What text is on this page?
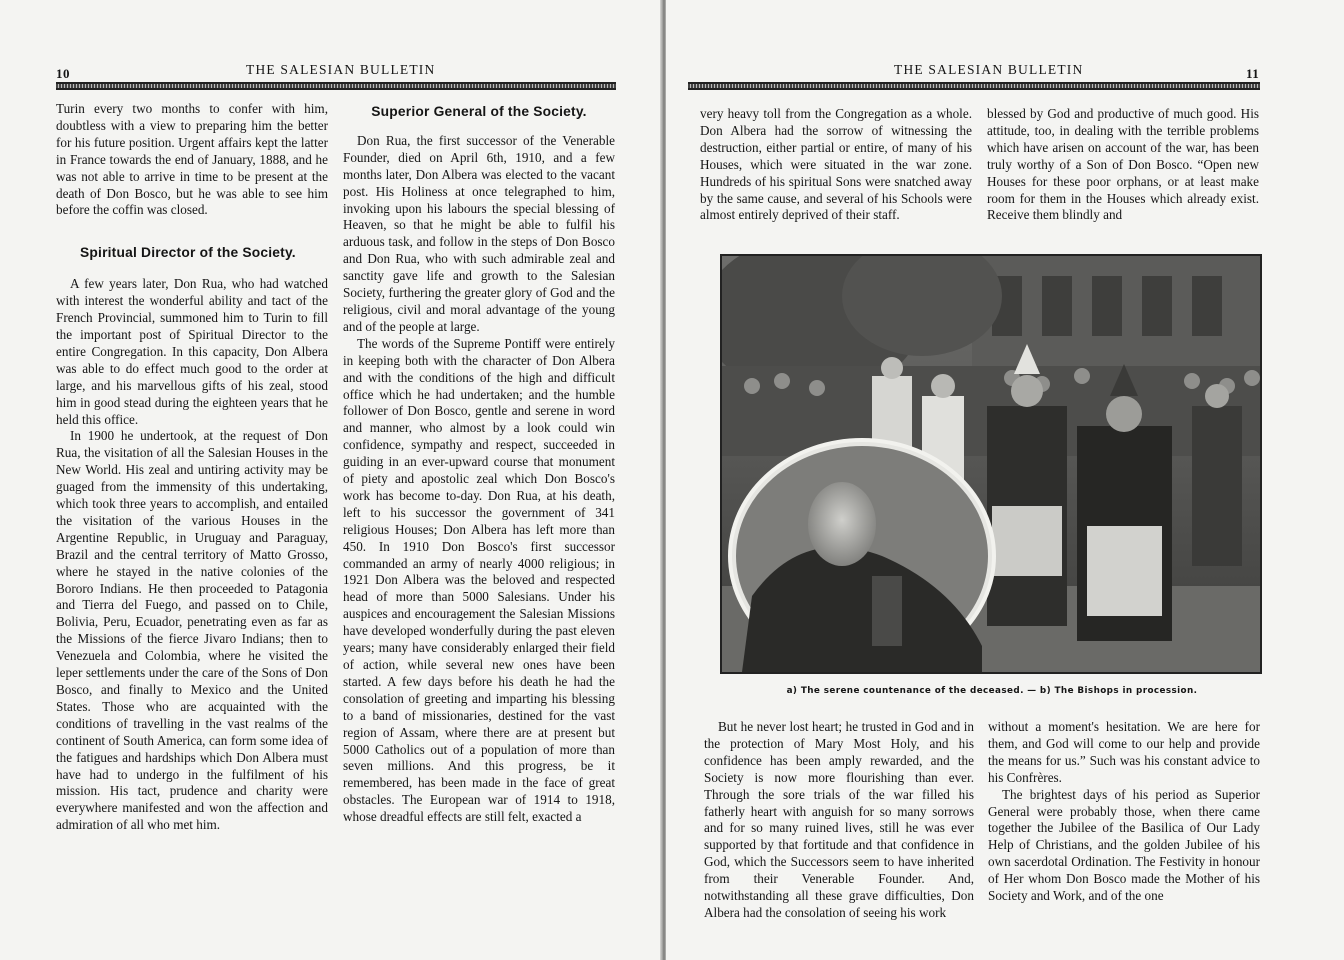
10	THE SALESIAN BULLETIN

Turin every two months to confer with him, doubtless with a view to preparing him the better for his future position. Urgent affairs kept the latter in France towards the end of January, 1888, and he was not able to arrive in time to be present at the death of Don Bosco, but he was able to see him before the coffin was closed.

Spiritual Director of the Society.

A few years later, Don Rua, who had watched with interest the wonderful ability and tact of the French Provincial, summoned him to Turin to fill the important post of Spiritual Director to the entire Congregation. In this capacity, Don Albera was able to do effect much good to the order at large, and his marvellous gifts of his zeal, stood him in good stead during the eighteen years that he held this office.

In 1900 he undertook, at the request of Don Rua, the visitation of all the Salesian Houses in the New World. His zeal and untiring activity may be guaged from the immensity of this undertaking, which took three years to accomplish, and entailed the visitation of the various Houses in the Argentine Republic, in Uruguay and Paraguay, Brazil and the central territory of Matto Grosso, where he stayed in the native colonies of the Bororo Indians. He then proceeded to Patagonia and Tierra del Fuego, and passed on to Chile, Bolivia, Peru, Ecuador, penetrating even as far as the Missions of the fierce Jivaro Indians; then to Venezuela and Colombia, where he visited the leper settlements under the care of the Sons of Don Bosco, and finally to Mexico and the United States. Those who are acquainted with the conditions of travelling in the vast realms of the continent of South America, can form some idea of the fatigues and hardships which Don Albera must have had to undergo in the fulfilment of his mission. His tact, prudence and charity were everywhere manifested and won the affection and admiration of all who met him.

Superior General of the Society.

Don Rua, the first successor of the Venerable Founder, died on April 6th, 1910, and a few months later, Don Albera was elected to the vacant post. His Holiness at once telegraphed to him, invoking upon his labours the special blessing of Heaven, so that he might be able to fulfil his arduous task, and follow in the steps of Don Bosco and Don Rua, who with such admirable zeal and sanctity gave life and growth to the Salesian Society, furthering the greater glory of God and the religious, civil and moral advantage of the young and of the people at large.

The words of the Supreme Pontiff were entirely in keeping both with the character of Don Albera and with the conditions of the high and difficult office which he had undertaken; and the humble follower of Don Bosco, gentle and serene in word and manner, who almost by a look could win confidence, sympathy and respect, succeeded in guiding in an ever-upward course that monument of piety and apostolic zeal which Don Bosco's work has become to-day. Don Rua, at his death, left to his successor the government of 341 religious Houses; Don Albera has left more than 450. In 1910 Don Bosco's first successor commanded an army of nearly 4000 religious; in 1921 Don Albera was the beloved and respected head of more than 5000 Salesians. Under his auspices and encouragement the Salesian Missions have developed wonderfully during the past eleven years; many have considerably enlarged their field of action, while several new ones have been started. A few days before his death he had the consolation of greeting and imparting his blessing to a band of missionaries, destined for the vast region of Assam, where there are at present but 5000 Catholics out of a population of more than seven millions. And this progress, be it remembered, has been made in the face of great obstacles. The European war of 1914 to 1918, whose dreadful effects are still felt, exacted a

THE SALESIAN BULLETIN	11

very heavy toll from the Congregation as a whole. Don Albera had the sorrow of witnessing the destruction, either partial or entire, of many of his Houses, which were situated in the war zone. Hundreds of his spiritual Sons were snatched away by the same cause, and several of his Schools were almost entirely deprived of their staff.

blessed by God and productive of much good. His attitude, too, in dealing with the terrible problems which have arisen on account of the war, has been truly worthy of a Son of Don Bosco. “Open new Houses for these poor orphans, or at least make room for them in the Houses which already exist. Receive them blindly and

But he never lost heart; he trusted in God and in the protection of Mary Most Holy, and his confidence has been amply rewarded, and the Society is now more flourishing than ever. Through the sore trials of the war filled his fatherly heart with anguish for so many sorrows and for so many ruined lives, still he was ever supported by that fortitude and that confidence in God, which the Successors seem to have inherited from their Venerable Founder. And, notwithstanding all these grave difficulties, Don Albera had the consolation of seeing his work

without a moment's hesitation. We are here for them, and God will come to our help and provide the means for us.” Such was his constant advice to his Confrères.

The brightest days of his period as Superior General were probably those, when there came together the Jubilee of the Basilica of Our Lady Help of Christians, and the golden Jubilee of his own sacerdotal Ordination. The Festivity in honour of Her whom Don Bosco made the Mother of his Society and Work, and of the one

a) The serene countenance of the deceased. — b) The Bishops in procession.
